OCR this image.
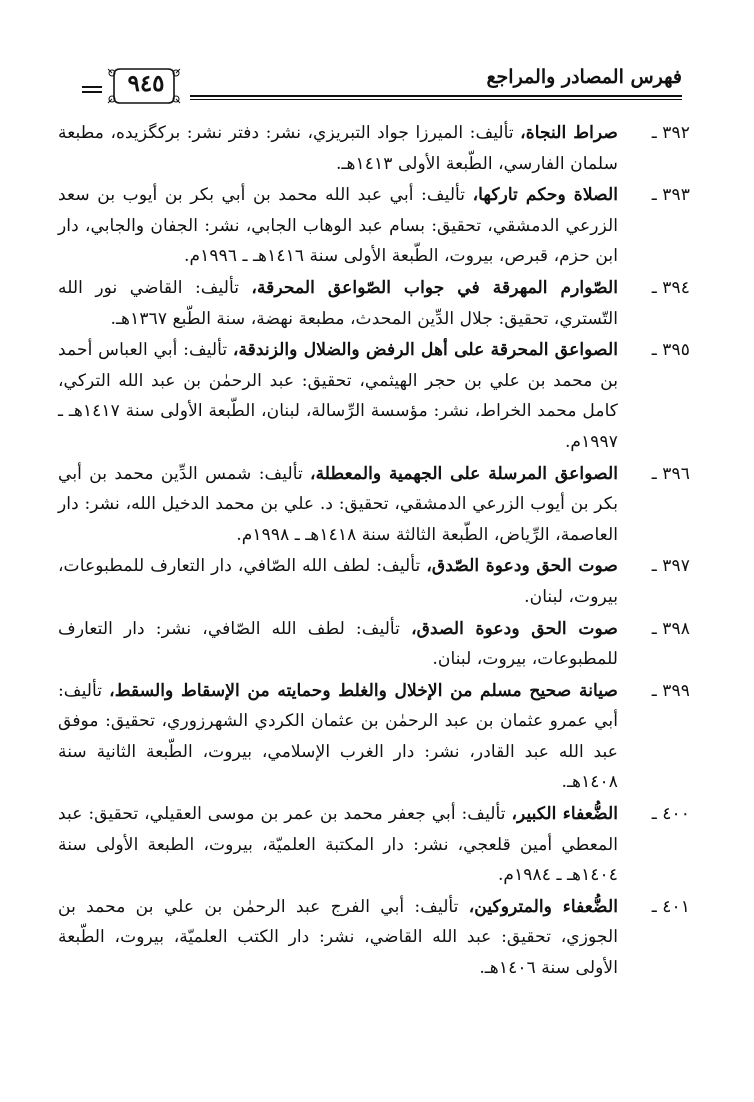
فهرس المصادر والمراجع
٩٤٥
٣٩٢ ـ
صراط النجاة، تأليف: الميرزا جواد التبريزي، نشر: دفتر نشر: بركگزيده، مطبعة سلمان الفارسي، الطّبعة الأولى ١٤١٣هـ.
٣٩٣ ـ
الصلاة وحكم تاركها، تأليف: أبي عبد الله محمد بن أبي بكر بن أيوب بن سعد الزرعي الدمشقي، تحقيق: بسام عبد الوهاب الجابي، نشر: الجفان والجابي، دار ابن حزم، قبرص، بيروت، الطّبعة الأولى سنة ١٤١٦هـ ـ ١٩٩٦م.
٣٩٤ ـ
الصّوارم المهرقة في جواب الصّواعق المحرقة، تأليف: القاضي نور الله التّستري، تحقيق: جلال الدِّين المحدث، مطبعة نهضة، سنة الطّبع ١٣٦٧هـ.
٣٩٥ ـ
الصواعق المحرقة على أهل الرفض والضلال والزندقة، تأليف: أبي العباس أحمد بن محمد بن علي بن حجر الهيثمي، تحقيق: عبد الرحمٰن بن عبد الله التركي، كامل محمد الخراط، نشر: مؤسسة الرِّسالة، لبنان، الطّبعة الأولى سنة ١٤١٧هـ ـ ١٩٩٧م.
٣٩٦ ـ
الصواعق المرسلة على الجهمية والمعطلة، تأليف: شمس الدِّين محمد بن أبي بكر بن أيوب الزرعي الدمشقي، تحقيق: د. علي بن محمد الدخيل الله، نشر: دار العاصمة، الرِّياض، الطّبعة الثالثة سنة ١٤١٨هـ ـ ١٩٩٨م.
٣٩٧ ـ
صوت الحق ودعوة الصّدق، تأليف: لطف الله الصّافي، دار التعارف للمطبوعات، بيروت، لبنان.
٣٩٨ ـ
صوت الحق ودعوة الصدق، تأليف: لطف الله الصّافي، نشر: دار التعارف للمطبوعات، بيروت، لبنان.
٣٩٩ ـ
صيانة صحيح مسلم من الإخلال والغلط وحمايته من الإسقاط والسقط، تأليف: أبي عمرو عثمان بن عبد الرحمٰن بن عثمان الكردي الشهرزوري، تحقيق: موفق عبد الله عبد القادر، نشر: دار الغرب الإسلامي، بيروت، الطّبعة الثانية سنة ١٤٠٨هـ.
٤٠٠ ـ
الضُّعفاء الكبير، تأليف: أبي جعفر محمد بن عمر بن موسى العقيلي، تحقيق: عبد المعطي أمين قلعجي، نشر: دار المكتبة العلميّة، بيروت، الطبعة الأولى سنة ١٤٠٤هـ ـ ١٩٨٤م.
٤٠١ ـ
الضُّعفاء والمتروكين، تأليف: أبي الفرج عبد الرحمٰن بن علي بن محمد بن الجوزي، تحقيق: عبد الله القاضي، نشر: دار الكتب العلميّة، بيروت، الطّبعة الأولى سنة ١٤٠٦هـ.
